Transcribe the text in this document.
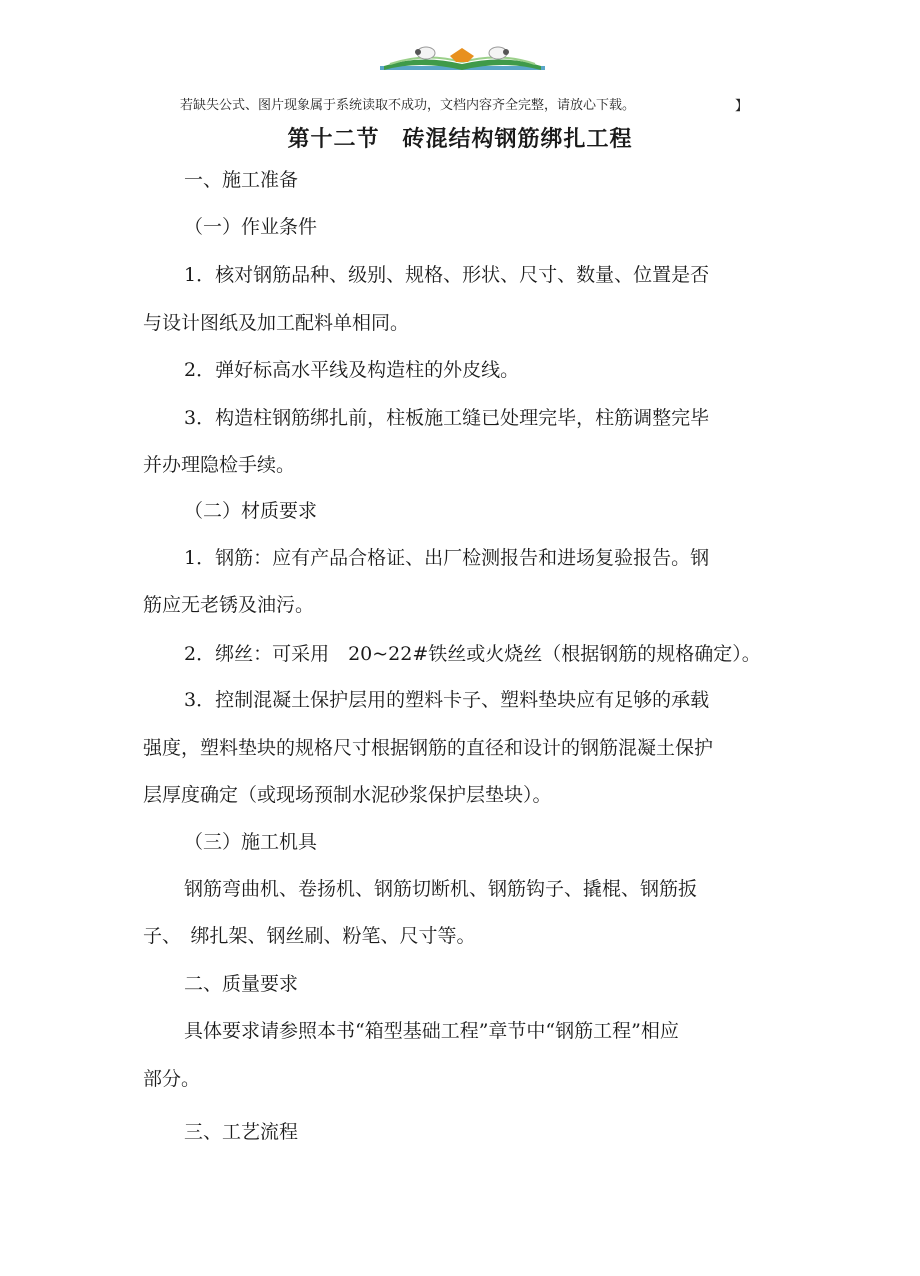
若缺失公式、图片现象属于系统读取不成功，文档内容齐全完整，请放心下载。	】
第十二节　砖混结构钢筋绑扎工程
一、施工准备
（一）作业条件
1．核对钢筋品种、级别、规格、形状、尺寸、数量、位置是否
与设计图纸及加工配料单相同。
2．弹好标高水平线及构造柱的外皮线。
3．构造柱钢筋绑扎前，柱板施工缝已处理完毕，柱筋调整完毕
并办理隐检手续。
（二）材质要求
1．钢筋：应有产品合格证、出厂检测报告和进场复验报告。钢
筋应无老锈及油污。
2．绑丝：可采用　20~22#铁丝或火烧丝（根据钢筋的规格确定）。
3．控制混凝土保护层用的塑料卡子、塑料垫块应有足够的承载
强度，塑料垫块的规格尺寸根据钢筋的直径和设计的钢筋混凝土保护
层厚度确定（或现场预制水泥砂浆保护层垫块）。
（三）施工机具
钢筋弯曲机、卷扬机、钢筋切断机、钢筋钩子、撬棍、钢筋扳
子、　绑扎架、钢丝刷、粉笔、尺寸等。
二、质量要求
具体要求请参照本书“箱型基础工程”章节中“钢筋工程”相应
部分。
三、工艺流程
